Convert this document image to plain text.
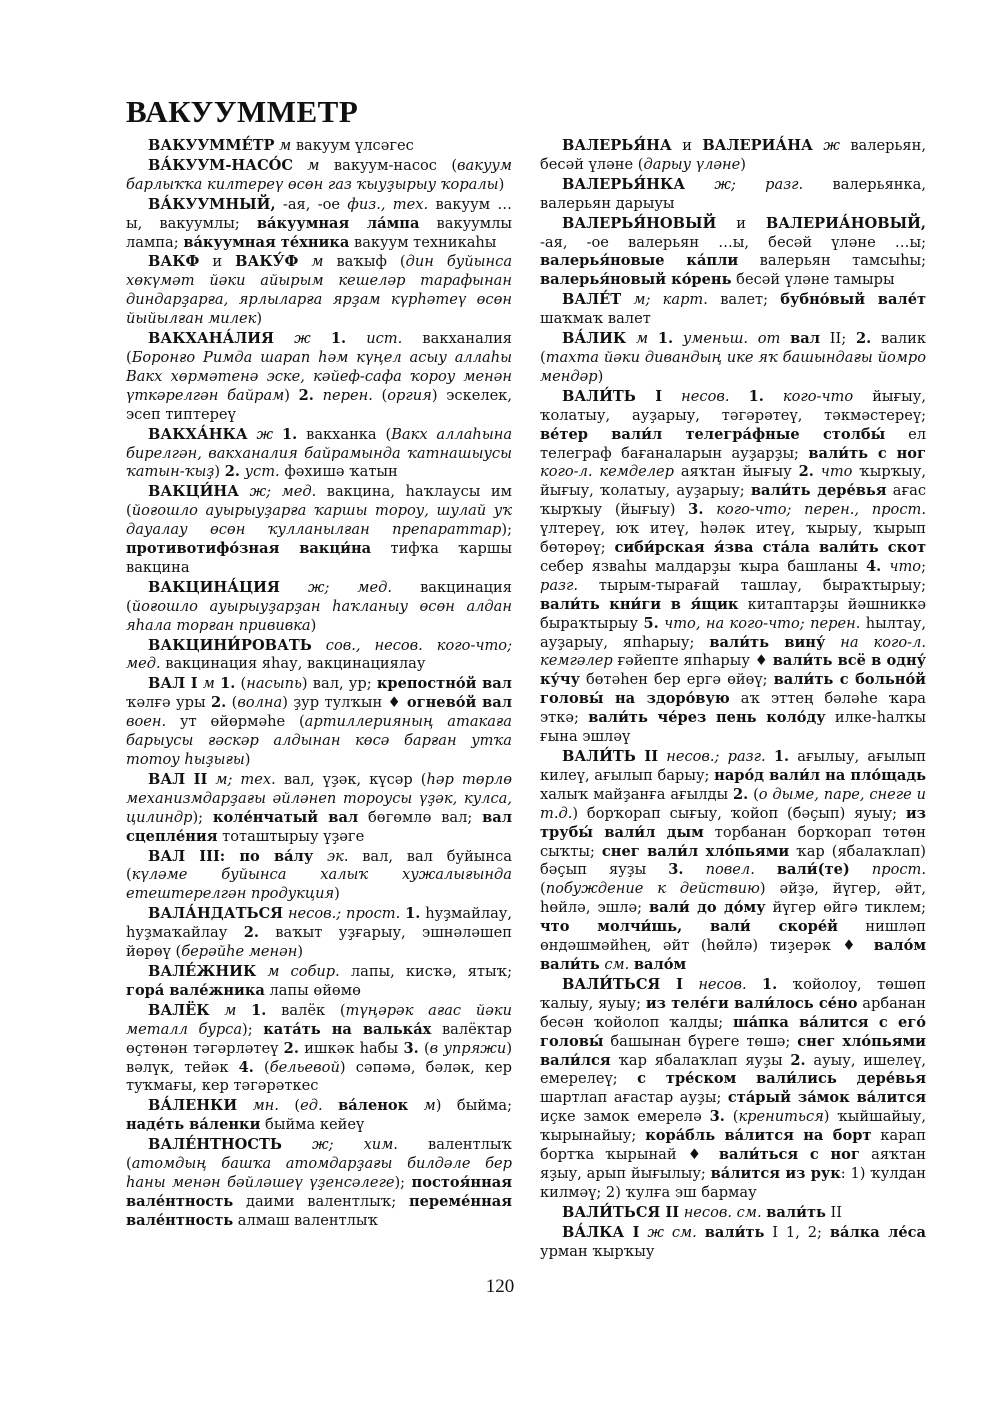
ВАКУУММЕТР

ВАКУУММЕ́ТР м вакуум үлсәгес

ВА́КУУМ-НАСО́С м вакуум-насос (вакуум барлыҡҡа килтереү өсөн газ ҡыуҙырыу ҡоралы)

ВА́КУУМНЫЙ, -ая, -ое физ., тех. вакуум …ы, вакуумлы; ва́куумная ла́мпа вакуумлы лампа; ва́куумная те́хника вакуум техникаһы

ВАКФ и ВАКУ́Ф м ваҡыф (дин буйынса хөкүмәт йәки айырым кешеләр тарафынан диндарҙарға, ярлыларға ярҙам күрһәтеү өсөн йыйылған милек)

ВАКХАНА́ЛИЯ ж 1. ист. вакханалия (Боронғо Римда шарап һәм күңел асыу аллаһы Вакх хөрмәтенә эске, кәйеф-сафа ҡороу менән үткәрелгән байрам) 2. перен. (оргия) эскелек, эсеп типтереү

ВАКХА́НКА ж 1. вакханка (Вакх аллаһына бирелгән, вакханалия байрамында ҡатнашыусы ҡатын-ҡыҙ) 2. уст. фәхишә ҡатын

ВАКЦИ́НА ж; мед. вакцина, һаҡлаусы им (йоғошло ауырыуҙарға ҡаршы тороу, шулай уҡ дауалау өсөн ҡулланылған препараттар); противотифо́зная вакци́на тифҡа ҡаршы вакцина

ВАКЦИНА́ЦИЯ ж; мед. вакцинация (йоғошло ауырыуҙарҙан һаҡланыу өсөн алдан яһала торған прививка)

ВАКЦИНИ́РОВАТЬ сов., несов. кого-что; мед. вакцинация яһау, вакцинациялау

ВАЛ I м 1. (насыпь) вал, ур; крепостно́й вал ҡәлғә уры 2. (волна) ҙур тулҡын ♦ огнево́й вал воен. ут өйөрмәһе (артиллерияның атакаға барыусы ғәскәр алдынан көсә барған утҡа тотоу һыҙығы)

ВАЛ II м; тех. вал, үҙәк, күсәр (һәр төрлө механизмдарҙағы әйләнеп тороусы үҙәк, кулса, цилиндр); коле́нчатый вал бөгөмлө вал; вал сцепле́ния тоташтырыу үҙәге

ВАЛ III: по ва́лу эк. вал, вал буйынса (күләме буйынса халыҡ хужалығында етештерелгән продукция)

ВАЛА́НДАТЬСЯ несов.; прост. 1. һуҙмайлау, һуҙмаҡайлау 2. ваҡыт уҙғарыу, эшнәләшеп йөрөү (берәйһе менән)

ВАЛЕ́ЖНИК м собир. лапы, кисҡә, ятыҡ; гора́ вале́жника лапы өйөмө

ВАЛЁК м 1. валёк (түңәрәк ағас йәки металл бурса); ката́ть на валька́х валёктар өҫтөнән тәгәрләтеү 2. ишкәк һабы 3. (в упряжи) вәлүк, тейәк 4. (бельевой) сәпәмә, бәләк, кер туҡмағы, кер тәгәрәткес

ВА́ЛЕНКИ мн. (ед. ва́ленок м) быйма; наде́ть ва́ленки быйма кейеү

ВАЛЕ́НТНОСТЬ ж; хим. валентлыҡ (атомдың башҡа атомдарҙағы билдәле бер һаны менән бәйләшеү үҙенсәлеге); постоя́нная вале́нтность даими валентлыҡ; переме́нная вале́нтность алмаш валентлыҡ

ВАЛЕРЬЯ́НА и ВАЛЕРИА́НА ж валерьян, бесәй үләне (дарыу үләне)

ВАЛЕРЬЯ́НКА ж; разг. валерьянка, валерьян дарыуы

ВАЛЕРЬЯ́НОВЫЙ и ВАЛЕРИА́НОВЫЙ, -ая, -ое валерьян …ы, бесәй үләне …ы; валерья́новые ка́пли валерьян тамсыһы; валерья́новый ко́рень бесәй үләне тамыры

ВАЛЕ́Т м; карт. валет; бубно́вый вале́т шаҡмаҡ валет

ВА́ЛИК м 1. уменьш. от вал II; 2. валик (тахта йәки дивандың ике яҡ башындағы йомро мендәр)

ВАЛИ́ТЬ I несов. 1. кого-что йығыу, ҡолатыу, ауҙарыу, тәгәрәтеү, тәкмәстереү; ве́тер вали́л телегра́фные столбы́ ел телеграф бағаналарын ауҙарҙы; вали́ть с ног кого-л. кемделер аяҡтан йығыу 2. что ҡырҡыу, йығыу, ҡолатыу, ауҙарыу; вали́ть дере́вья ағас ҡырҡыу (йығыу) 3. кого-что; перен., прост. үлтереү, юҡ итеү, һәләк итеү, ҡырыу, ҡырып бөтөрөү; сиби́рская я́зва ста́ла вали́ть скот себер язваһы малдарҙы ҡыра башланы 4. что; разг. тырым-тырағай ташлау, быраҡтырыу; вали́ть кни́ги в я́щик китаптарҙы йәшниккә быраҡтырыу 5. что, на кого-что; перен. һылтау, ауҙарыу, япһарыу; вали́ть вину́ на кого-л. кемгәлер ғәйепте япһарыу ♦ вали́ть всё в одну́ ку́чу бөтәһен бер ергә өйөү; вали́ть с больно́й головы́ на здоро́вую аҡ эттең бәләһе ҡара эткә; вали́ть че́рез пень коло́ду илке-һалҡы ғына эшләү

ВАЛИ́ТЬ II несов.; разг. 1. ағылыу, ағылып килеү, ағылып барыу; наро́д вали́л на пло́щадь халыҡ майҙанға ағылды 2. (о дыме, паре, снеге и т.д.) борҡорап сығыу, ҡойоп (бәҫып) яуыу; из трубы́ вали́л дым торбанан борҡорап төтөн сыҡты; снег вали́л хло́пьями ҡар (ябалаҡлап) бәҫып яуҙы 3. повел. вали́(те) прост. (побуждение к действию) әйҙә, йүгер, әйт, һөйлә, эшлә; вали́ до до́му йүгер өйгә тиклем; что молчи́шь, вали́ скоре́й нишләп өндәшмәйһең, әйт (һөйлә) тиҙерәк ♦ вало́м вали́ть см. вало́м

ВАЛИ́ТЬСЯ I несов. 1. ҡойолоу, төшөп ҡалыу, яуыу; из теле́ги вали́лось се́но арбанан бесән ҡойолоп ҡалды; ша́пка ва́лится с его́ головы́ башынан бүреге төшә; снег хло́пьями вали́лся ҡар ябалаҡлап яуҙы 2. ауыу, ишелеү, емерелеү; с тре́ском вали́лись дере́вья шартлап ағастар ауҙы; ста́рый за́мок ва́лится иҫке замок емерелә 3. (крениться) ҡыйшайыу, ҡырынайыу; кора́бль ва́лится на борт карап бортҡа ҡырынай ♦ вали́ться с ног аяҡтан яҙыу, арып йығылыу; ва́лится из рук: 1) ҡулдан килмәү; 2) ҡулға эш бармау

ВАЛИ́ТЬСЯ II несов. см. вали́ть II

ВА́ЛКА I ж см. вали́ть I 1, 2; ва́лка ле́са урман ҡырҡыу

120
